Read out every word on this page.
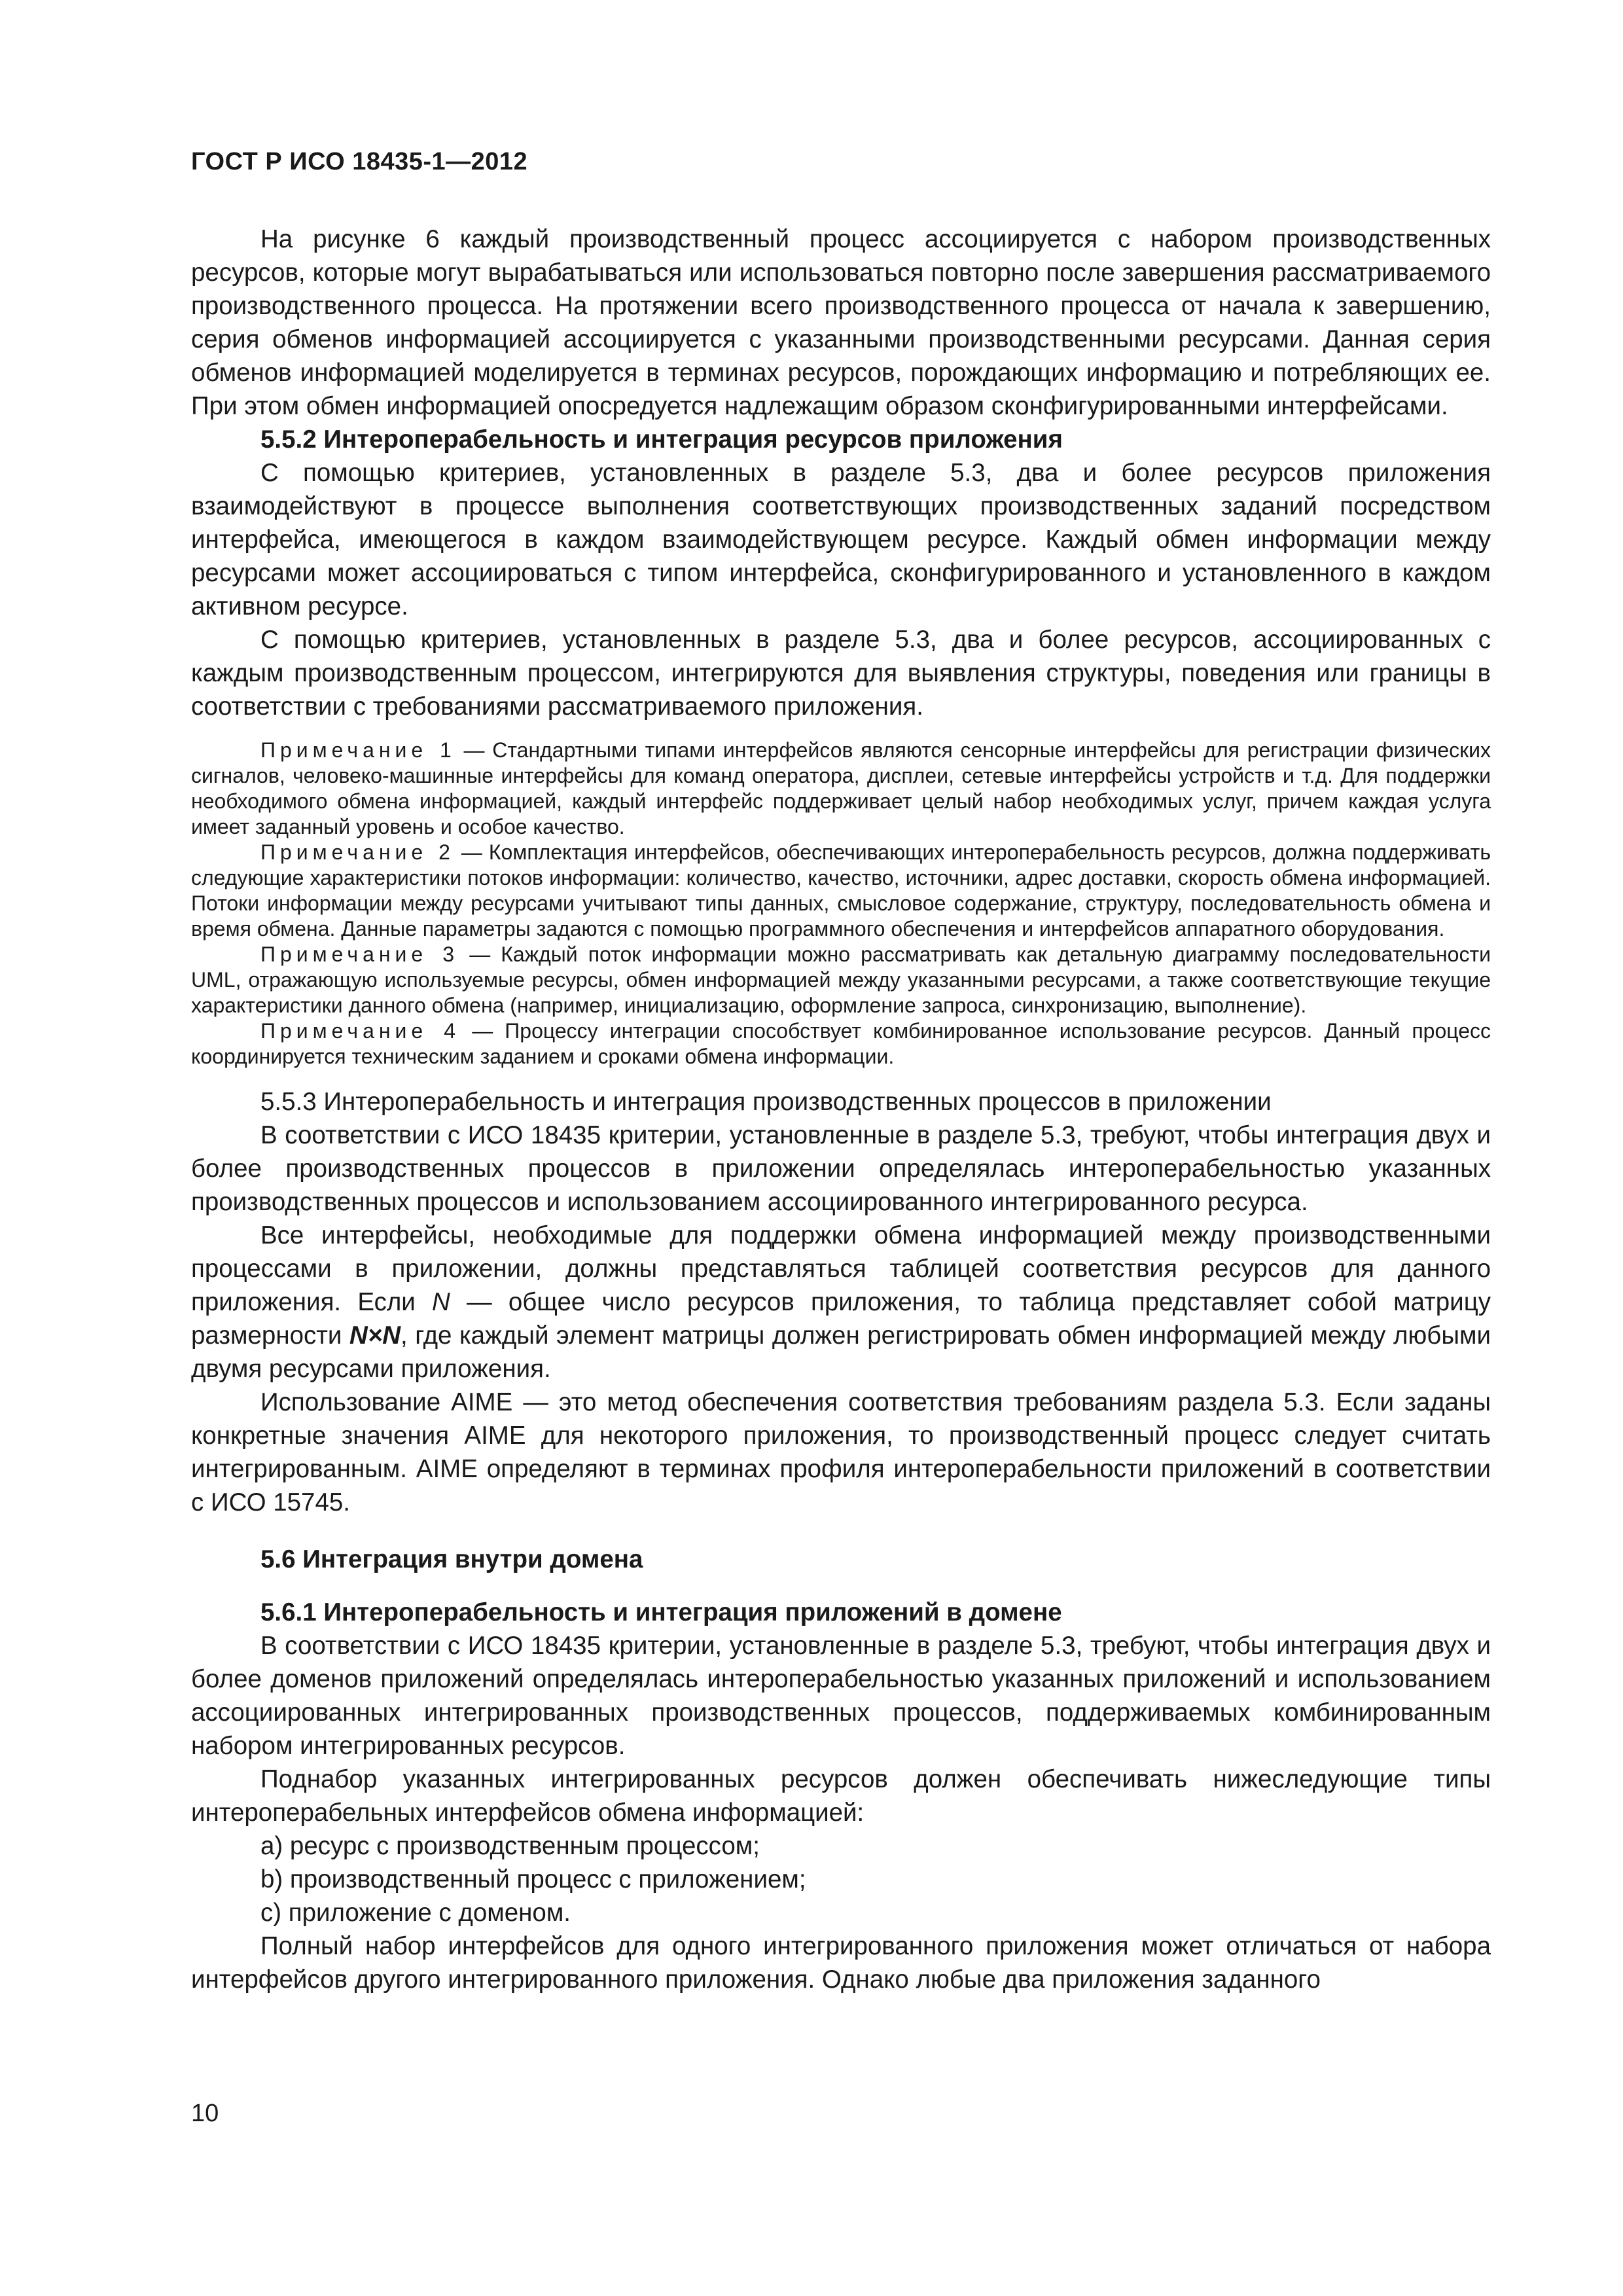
ГОСТ Р ИСО 18435-1—2012

На рисунке 6 каждый производственный процесс ассоциируется с набором производственных ресурсов, которые могут вырабатываться или использоваться повторно после завершения рассматриваемого производственного процесса. На протяжении всего производственного процесса от начала к завершению, серия обменов информацией ассоциируется с указанными производственными ресурсами. Данная серия обменов информацией моделируется в терминах ресурсов, порождающих информацию и потребляющих ее. При этом обмен информацией опосредуется надлежащим образом сконфигурированными интерфейсами.

5.5.2 Интероперабельность и интеграция ресурсов приложения

С помощью критериев, установленных в разделе 5.3, два и более ресурсов приложения взаимодействуют в процессе выполнения соответствующих производственных заданий посредством интерфейса, имеющегося в каждом взаимодействующем ресурсе. Каждый обмен информации между ресурсами может ассоциироваться с типом интерфейса, сконфигурированного и установленного в каждом активном ресурсе.

С помощью критериев, установленных в разделе 5.3, два и более ресурсов, ассоциированных с каждым производственным процессом, интегрируются для выявления структуры, поведения или границы в соответствии с требованиями рассматриваемого приложения.

Примечание 1 — Стандартными типами интерфейсов являются сенсорные интерфейсы для регистрации физических сигналов, человеко-машинные интерфейсы для команд оператора, дисплеи, сетевые интерфейсы устройств и т.д. Для поддержки необходимого обмена информацией, каждый интерфейс поддерживает целый набор необходимых услуг, причем каждая услуга имеет заданный уровень и особое качество.

Примечание 2 — Комплектация интерфейсов, обеспечивающих интероперабельность ресурсов, должна поддерживать следующие характеристики потоков информации: количество, качество, источники, адрес доставки, скорость обмена информацией. Потоки информации между ресурсами учитывают типы данных, смысловое содержание, структуру, последовательность обмена и время обмена. Данные параметры задаются с помощью программного обеспечения и интерфейсов аппаратного оборудования.

Примечание 3 — Каждый поток информации можно рассматривать как детальную диаграмму последовательности UML, отражающую используемые ресурсы, обмен информацией между указанными ресурсами, а также соответствующие текущие характеристики данного обмена (например, инициализацию, оформление запроса, синхронизацию, выполнение).

Примечание 4 — Процессу интеграции способствует комбинированное использование ресурсов. Данный процесс координируется техническим заданием и сроками обмена информации.

5.5.3 Интероперабельность и интеграция производственных процессов в приложении

В соответствии с ИСО 18435 критерии, установленные в разделе 5.3, требуют, чтобы интеграция двух и более производственных процессов в приложении определялась интероперабельностью указанных производственных процессов и использованием ассоциированного интегрированного ресурса.

Все интерфейсы, необходимые для поддержки обмена информацией между производственными процессами в приложении, должны представляться таблицей соответствия ресурсов для данного приложения. Если N — общее число ресурсов приложения, то таблица представляет собой матрицу размерности N×N, где каждый элемент матрицы должен регистрировать обмен информацией между любыми двумя ресурсами приложения.

Использование AIME — это метод обеспечения соответствия требованиям раздела 5.3. Если заданы конкретные значения AIME для некоторого приложения, то производственный процесс следует считать интегрированным. AIME определяют в терминах профиля интероперабельности приложений в соответствии с ИСО 15745.

5.6 Интеграция внутри домена
5.6.1 Интероперабельность и интеграция приложений в домене

В соответствии с ИСО 18435 критерии, установленные в разделе 5.3, требуют, чтобы интеграция двух и более доменов приложений определялась интероперабельностью указанных приложений и использованием ассоциированных интегрированных производственных процессов, поддерживаемых комбинированным набором интегрированных ресурсов.

Поднабор указанных интегрированных ресурсов должен обеспечивать нижеследующие типы интероперабельных интерфейсов обмена информацией:

a) ресурс с производственным процессом;

b) производственный процесс с приложением;

c) приложение с доменом.

Полный набор интерфейсов для одного интегрированного приложения может отличаться от набора интерфейсов другого интегрированного приложения. Однако любые два приложения заданного

10
